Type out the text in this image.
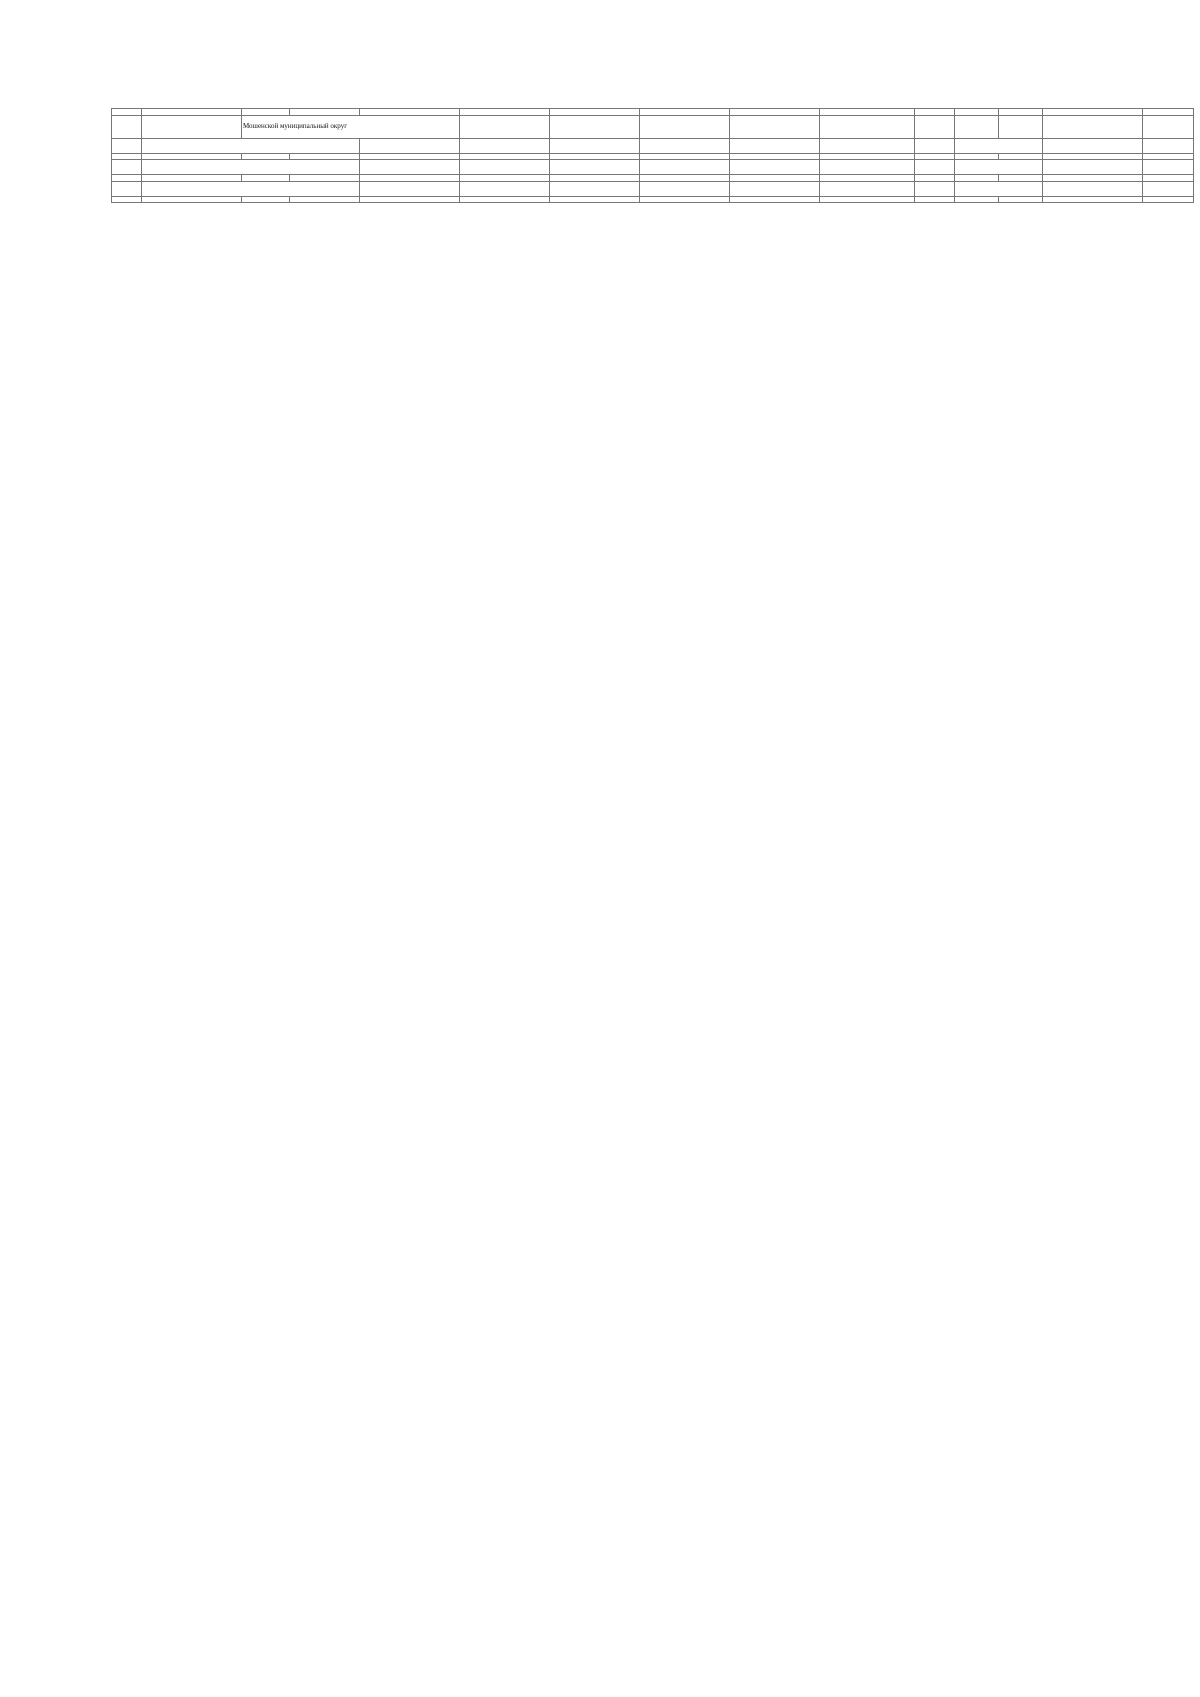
		Мошенской муниципальный округ												
